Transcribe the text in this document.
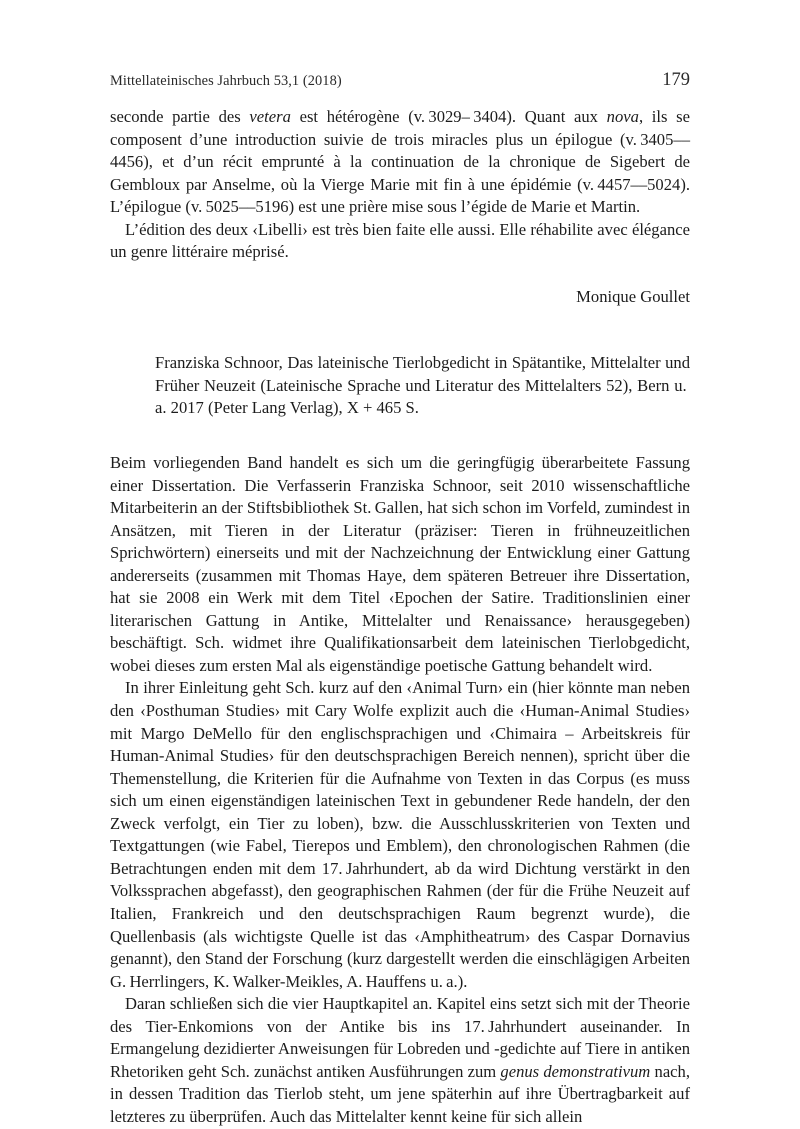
Mittellateinisches Jahrbuch 53,1 (2018)	179

seconde partie des vetera est hétérogène (v. 3029– 3404). Quant aux nova, ils se composent d’une introduction suivie de trois miracles plus un épilogue (v. 3405––4456), et d’un récit emprunté à la continuation de la chronique de Sigebert de Gembloux par Anselme, où la Vierge Marie mit fin à une épidémie (v. 4457––5024). L’épilogue (v. 5025––5196) est une prière mise sous l’égide de Marie et Martin.

L’édition des deux ‹Libelli› est très bien faite elle aussi. Elle réhabilite avec élégance un genre littéraire méprisé.

Monique Goullet

Franziska Schnoor, Das lateinische Tierlobgedicht in Spätantike, Mittelalter und Früher Neuzeit (Lateinische Sprache und Literatur des Mittelalters 52), Bern u. a. 2017 (Peter Lang Verlag), X + 465 S.

Beim vorliegenden Band handelt es sich um die geringfügig überarbeitete Fassung einer Dissertation. Die Verfasserin Franziska Schnoor, seit 2010 wissenschaftliche Mitarbeiterin an der Stiftsbibliothek St. Gallen, hat sich schon im Vorfeld, zumindest in Ansätzen, mit Tieren in der Literatur (präziser: Tieren in frühneuzeitlichen Sprichwörtern) einerseits und mit der Nachzeichnung der Entwicklung einer Gattung andererseits (zusammen mit Thomas Haye, dem späteren Betreuer ihre Dissertation, hat sie 2008 ein Werk mit dem Titel ‹Epochen der Satire. Traditionslinien einer literarischen Gattung in Antike, Mittelalter und Renaissance› herausgegeben) beschäftigt. Sch. widmet ihre Qualifikationsarbeit dem lateinischen Tierlobgedicht, wobei dieses zum ersten Mal als eigenständige poetische Gattung behandelt wird.

In ihrer Einleitung geht Sch. kurz auf den ‹Animal Turn› ein (hier könnte man neben den ‹Posthuman Studies› mit Cary Wolfe explizit auch die ‹Human-Animal Studies› mit Margo DeMello für den englischsprachigen und ‹Chimaira – Arbeitskreis für Human-Animal Studies› für den deutschsprachigen Bereich nennen), spricht über die Themenstellung, die Kriterien für die Aufnahme von Texten in das Corpus (es muss sich um einen eigenständigen lateinischen Text in gebundener Rede handeln, der den Zweck verfolgt, ein Tier zu loben), bzw. die Ausschlusskriterien von Texten und Textgattungen (wie Fabel, Tierepos und Emblem), den chronologischen Rahmen (die Betrachtungen enden mit dem 17. Jahrhundert, ab da wird Dichtung verstärkt in den Volkssprachen abgefasst), den geographischen Rahmen (der für die Frühe Neuzeit auf Italien, Frankreich und den deutschsprachigen Raum begrenzt wurde), die Quellenbasis (als wichtigste Quelle ist das ‹Amphitheatrum› des Caspar Dornavius genannt), den Stand der Forschung (kurz dargestellt werden die einschlägigen Arbeiten G. Herrlingers, K. Walker-Meikles, A. Hauffens u. a.).

Daran schließen sich die vier Hauptkapitel an. Kapitel eins setzt sich mit der Theorie des Tier-Enkomions von der Antike bis ins 17. Jahrhundert auseinander. In Ermangelung dezidierter Anweisungen für Lobreden und -gedichte auf Tiere in antiken Rhetoriken geht Sch. zunächst antiken Ausführungen zum genus demonstrativum nach, in dessen Tradition das Tierlob steht, um jene späterhin auf ihre Übertragbarkeit auf letzteres zu überprüfen. Auch das Mittelalter kennt keine für sich allein
